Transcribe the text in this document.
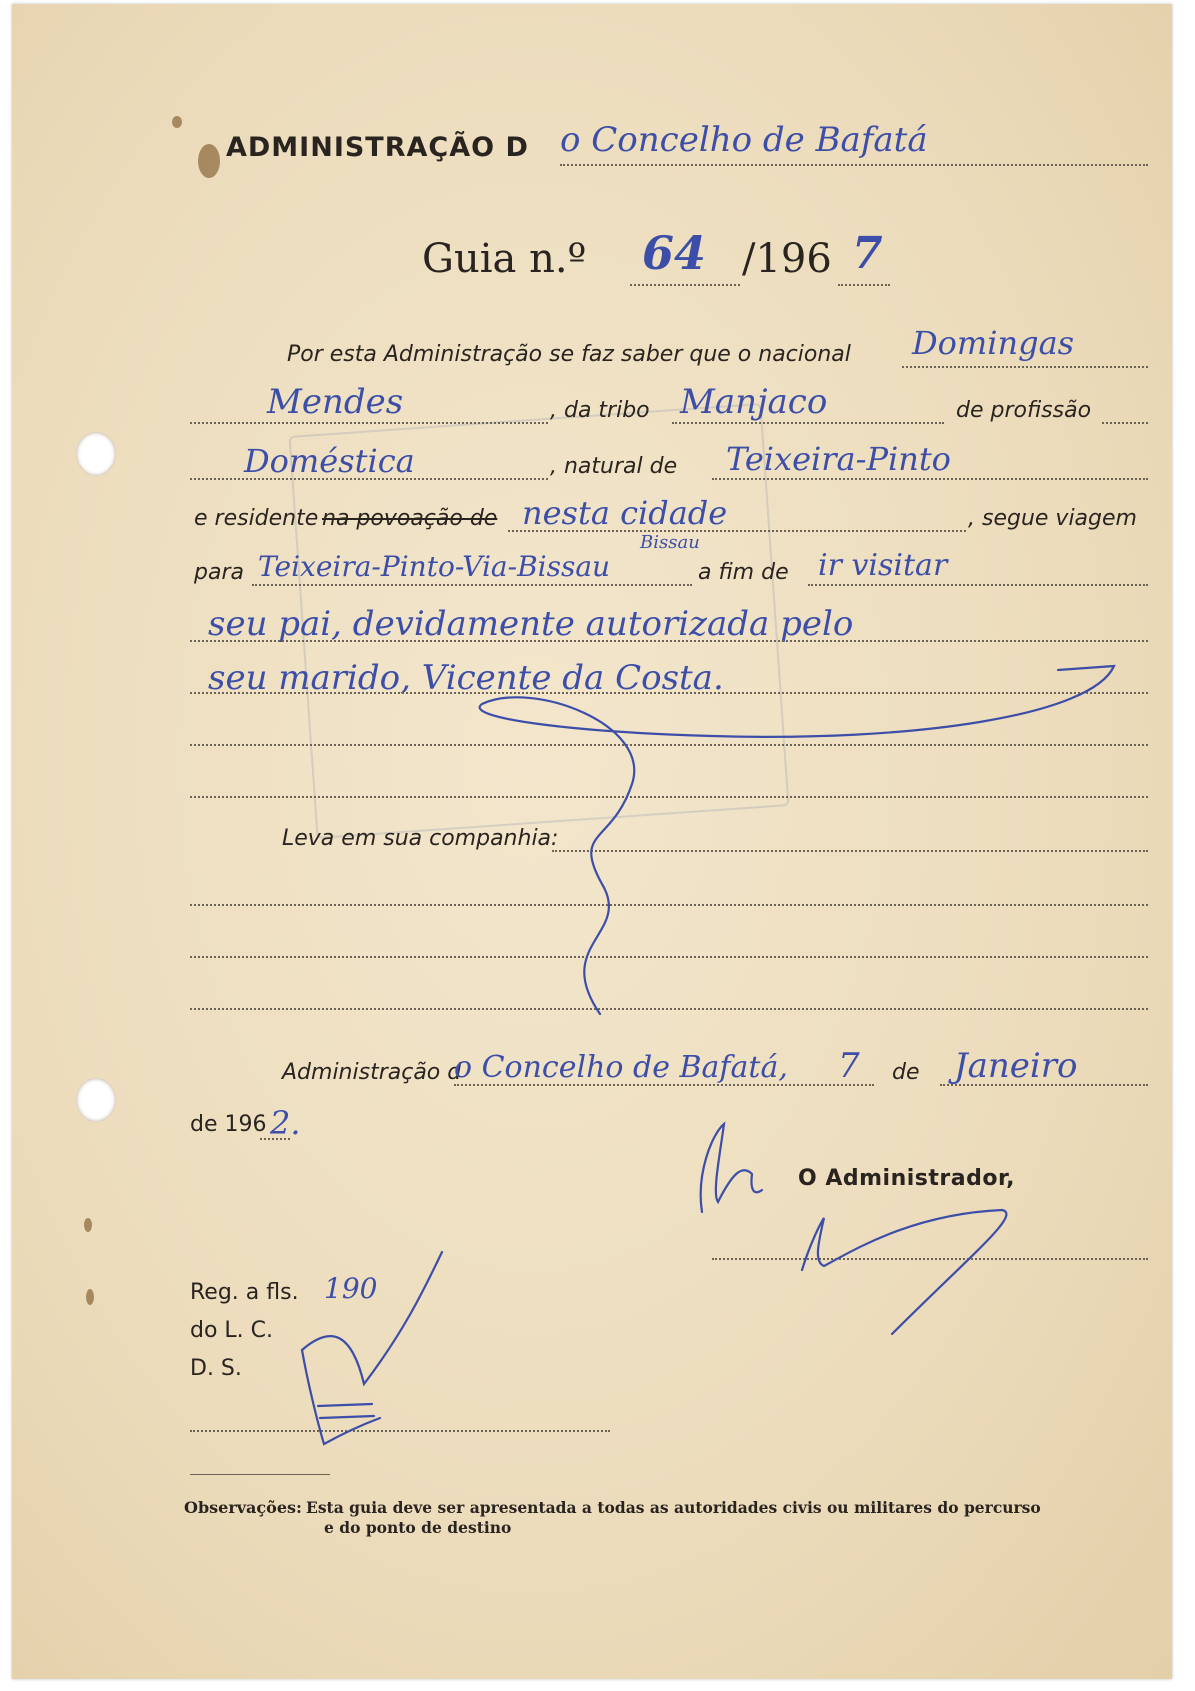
ADMINISTRAÇÃO D o Concelho de Bafatá
Guia n.º 64 /196 7
Por esta Administração se faz saber que o nacional Domingas
Mendes	, da tribo Manjaco	de profissão
Doméstica	, natural de Teixeira-Pinto
e residente na povoação de nesta cidade	, segue viagem
para Teixeira-Pinto-Via-Bissau
Bissau
a fim de ir visitar
seu pai, devidamente autorizada pelo
seu marido, Vicente da Costa.
Leva em sua companhia:
Administração d
o Concelho de Bafatá, 7 de Janeiro
de 196 2.
O Administrador,
Reg. a fls. 190
do L. C.
D. S.
Observações: Esta guia deve ser apresentada a todas as autoridades civis ou militares do percurso
e do ponto de destino
